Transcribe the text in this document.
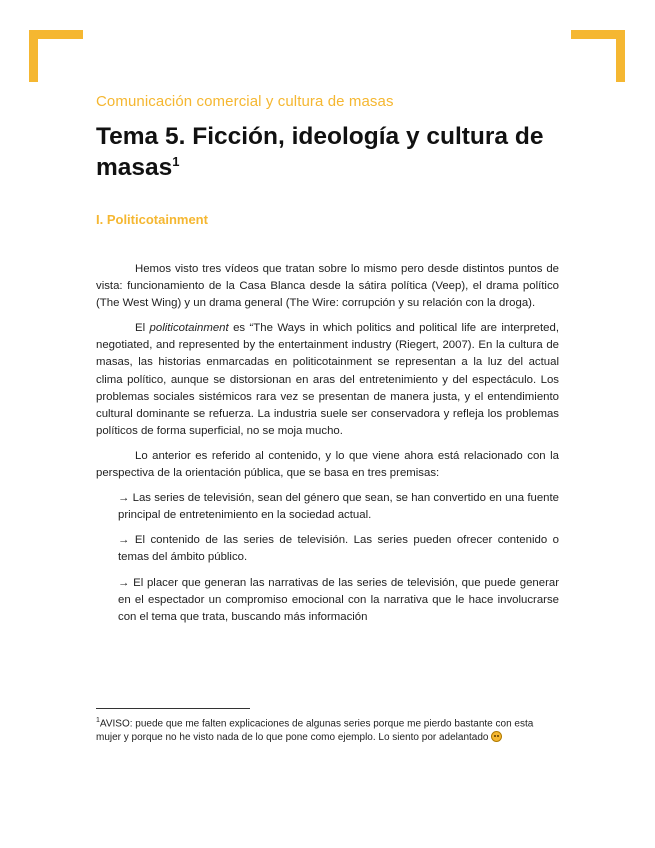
Comunicación comercial y cultura de masas
Tema 5. Ficción, ideología y cultura de masas$^1$
I. Politicotainment

Hemos visto tres vídeos que tratan sobre lo mismo pero desde distintos puntos de vista: funcionamiento de la Casa Blanca desde la sátira política (Veep), el drama político (The West Wing) y un drama general (The Wire: corrupción y su relación con la droga).

El politicotainment es “The Ways in which politics and political life are interpreted, negotiated, and represented by the entertainment industry (Riegert, 2007). En la cultura de masas, las historias enmarcadas en politicotainment se representan a la luz del actual clima político, aunque se distorsionan en aras del entretenimiento y del espectáculo. Los problemas sociales sistémicos rara vez se presentan de manera justa, y el entendimiento cultural dominante se refuerza. La industria suele ser conservadora y refleja los problemas políticos de forma superficial, no se moja mucho.

Lo anterior es referido al contenido, y lo que viene ahora está relacionado con la perspectiva de la orientación pública, que se basa en tres premisas:

→ Las series de televisión, sean del género que sean, se han convertido en una fuente principal de entretenimiento en la sociedad actual.

→ El contenido de las series de televisión. Las series pueden ofrecer contenido o temas del ámbito público.

→ El placer que generan las narrativas de las series de televisión, que puede generar en el espectador un compromiso emocional con la narrativa que le hace involucrarse con el tema que trata, buscando más información

$^1$AVISO: puede que me falten explicaciones de algunas series porque me pierdo bastante con esta mujer y porque no he visto nada de lo que pone como ejemplo. Lo siento por adelantado
